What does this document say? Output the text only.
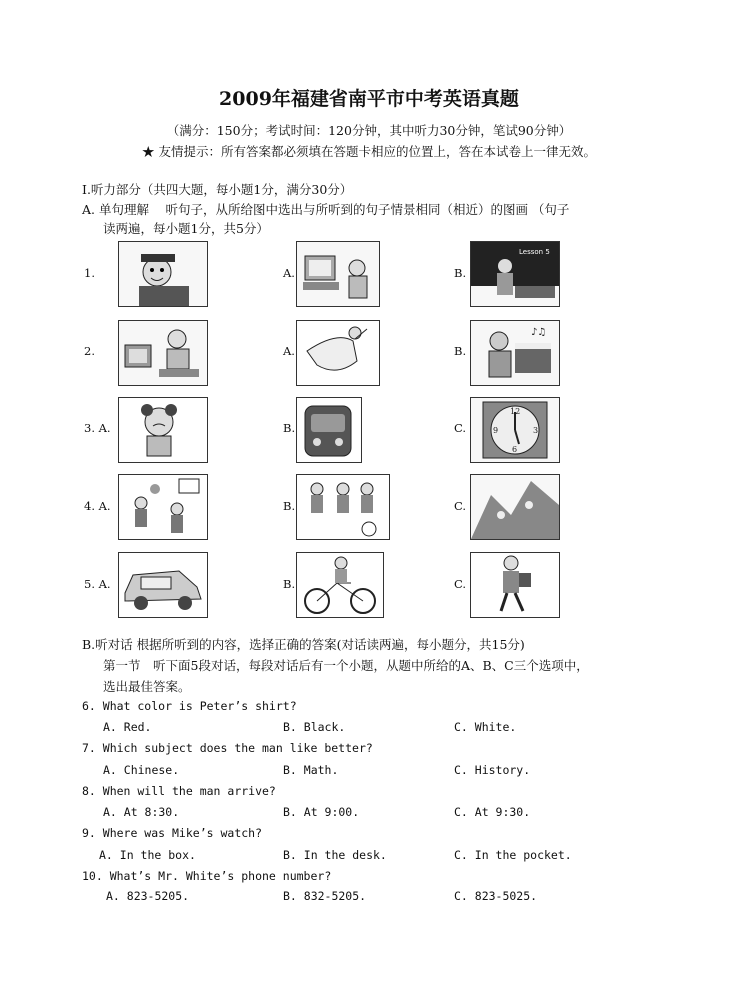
2009年福建省南平市中考英语真题
（满分：150分；考试时间：120分钟，其中听力30分钟，笔试90分钟）
★ 友情提示：所有答案都必须填在答题卡相应的位置上，答在本试卷上一律无效。
I.听力部分（共四大题，每小题1分，满分30分）
A. 单句理解　 听句子，从所给图中选出与所听到的句子情景相同（相近）的图画 （句子
读两遍，每小题1分，共5分）
1.	A.	B.
Lesson 5
2.	A.	B.
♪♫
3. A.	B.	C.
12
9	3
6
4. A.	B.	C.
5. A.	B.	C.
B.听对话 根据所听到的内容，选择正确的答案(对话读两遍，每小题分，共15分)
第一节　听下面5段对话，每段对话后有一个小题，从题中所给的A、B、C三个选项中，
选出最佳答案。
6. What color is Peter’s shirt?
A. Red.	B. Black.	C. White.
7. Which subject does the man like better?
A. Chinese.	B. Math.	C. History.
8. When will the man arrive?
A. At 8:30.	B. At 9:00.	C. At 9:30.
9. Where was Mike’s watch?
A. In the box.	B. In the desk.	C. In the pocket.
10. What’s Mr. White’s phone number?
A. 823-5205.	B. 832-5205.	C. 823-5025.
